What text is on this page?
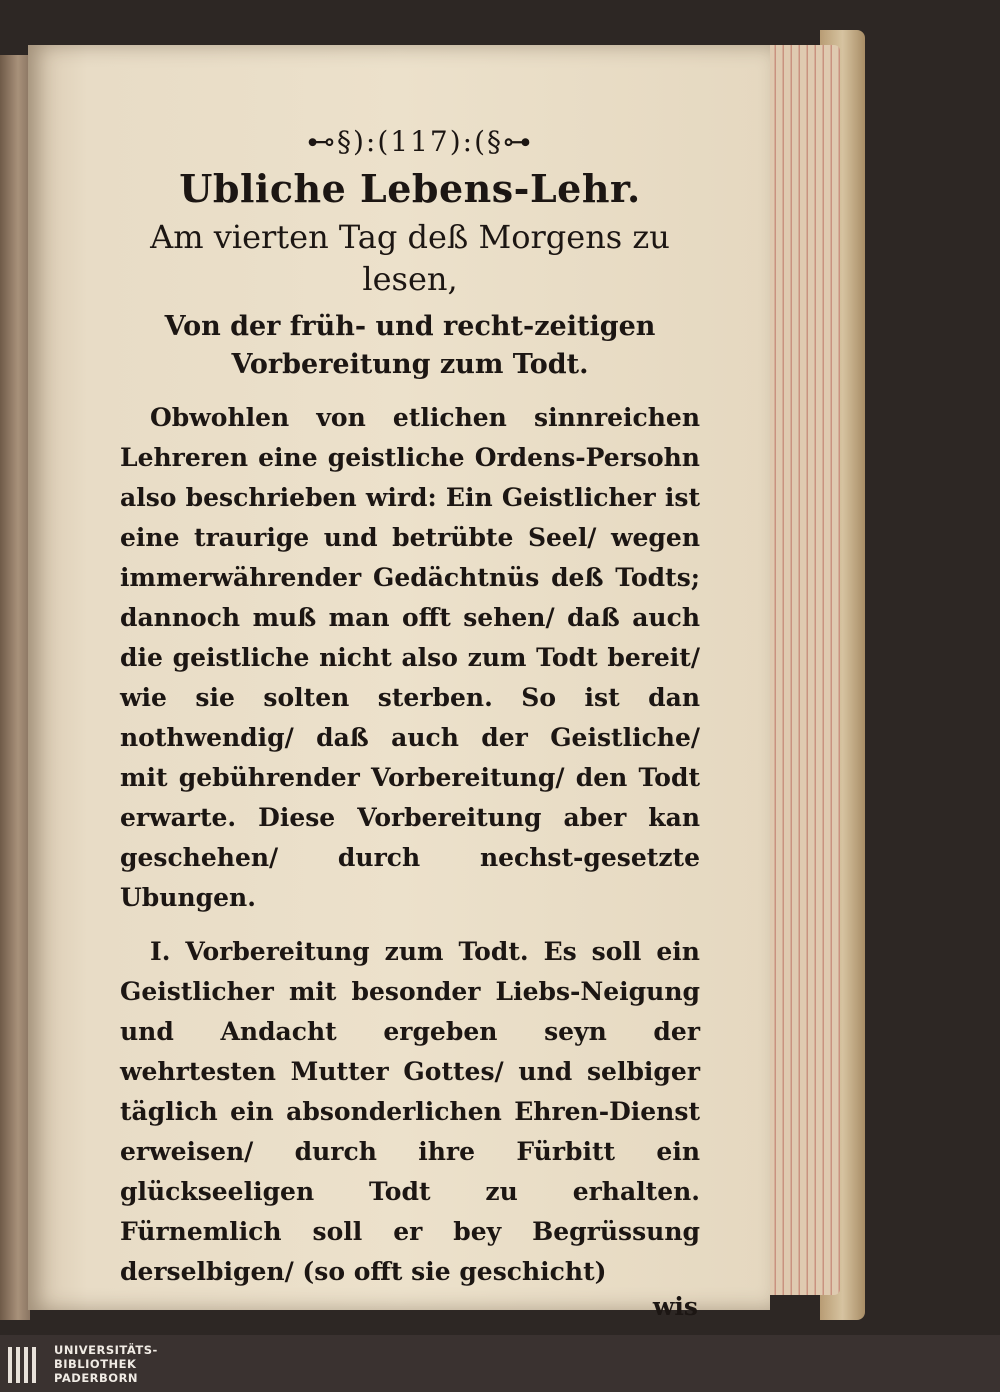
⊷§):(117):(§⊶
Ubliche Lebens-Lehr.
Am vierten Tag deß Morgens zu lesen,
Von der früh- und recht-zeitigen Vorbereitung zum Todt.
Obwohlen von etlichen sinnreichen Lehreren eine geistliche Ordens-Persohn also beschrieben wird: Ein Geistlicher ist eine traurige und betrübte Seel/ wegen immerwährender Gedächtnüs deß Todts; dannoch muß man offt sehen/ daß auch die geistliche nicht also zum Todt bereit/ wie sie solten sterben. So ist dan nothwendig/ daß auch der Geistliche/ mit gebührender Vorbereitung/ den Todt erwarte. Diese Vorbereitung aber kan geschehen/ durch nechst-gesetzte Ubungen.
I. Vorbereitung zum Todt. Es soll ein Geistlicher mit besonder Liebs-Neigung und Andacht ergeben seyn der wehrtesten Mutter Gottes/ und selbiger täglich ein absonderlichen Ehren-Dienst erweisen/ durch ihre Fürbitt ein glückseeligen Todt zu erhalten. Fürnemlich soll er bey Begrüssung derselbigen/ (so offt sie geschicht)
wis
UNIVERSITÄTS-
BIBLIOTHEK
PADERBORN
